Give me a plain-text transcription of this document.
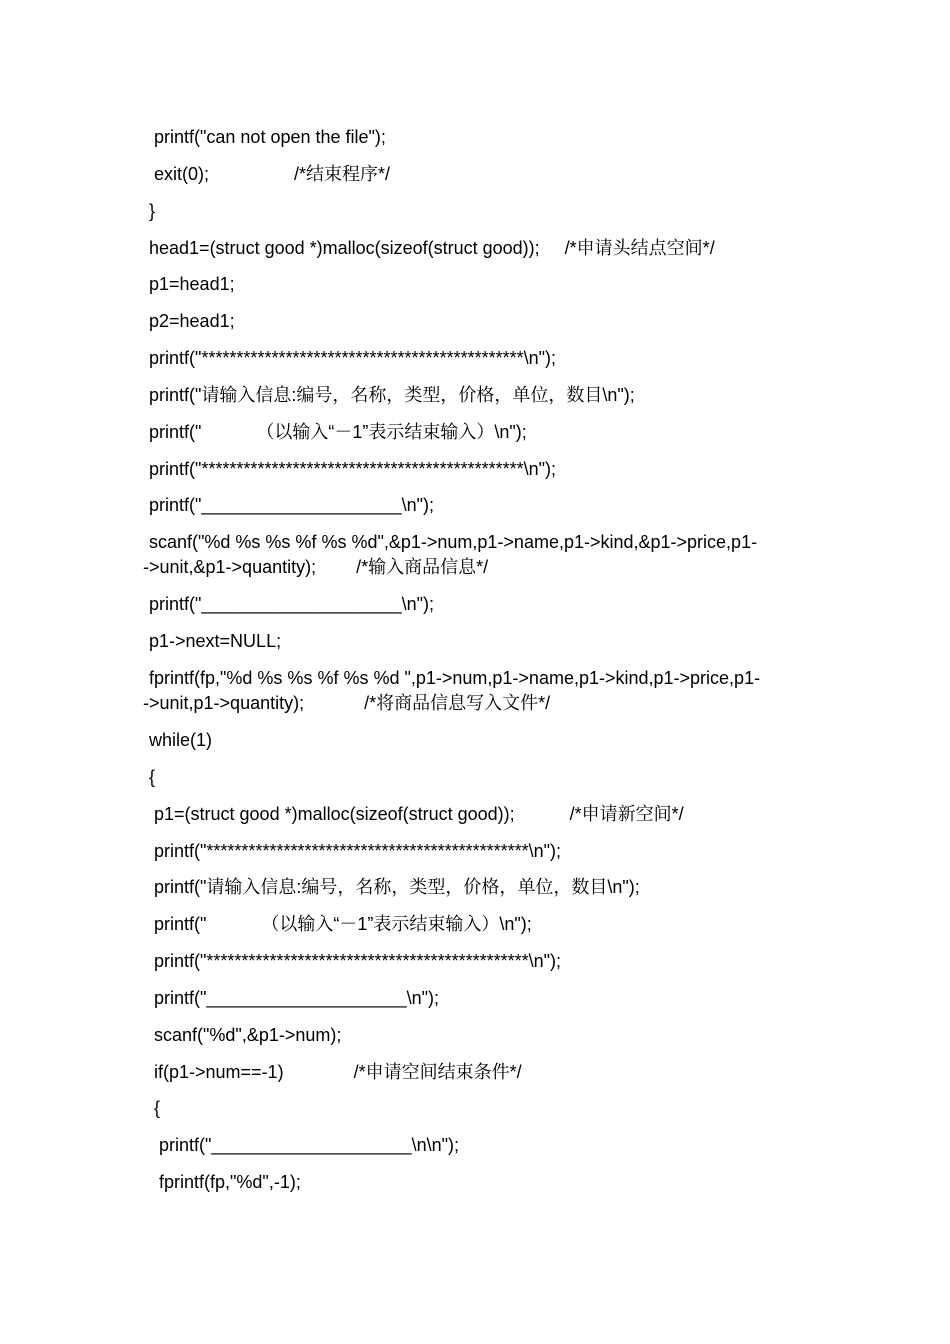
printf("can not open the file");
exit(0);                 /*结束程序*/
}
head1=(struct good *)malloc(sizeof(struct good));     /*申请头结点空间*/
p1=head1;
p2=head1;
printf("**********************************************\n");
printf("请输入信息:编号，名称，类型，价格，单位，数目\n");
printf("           （以输入“－1”表示结束输入）\n");
printf("**********************************************\n");
printf("____________________\n");
scanf("%d %s %s %f %s %d",&p1->num,p1->name,p1->kind,&p1->price,p1-
->unit,&p1->quantity);        /*输入商品信息*/
printf("____________________\n");
p1->next=NULL;
fprintf(fp,"%d %s %s %f %s %d ",p1->num,p1->name,p1->kind,p1->price,p1-
->unit,p1->quantity);            /*将商品信息写入文件*/
while(1)
{
p1=(struct good *)malloc(sizeof(struct good));           /*申请新空间*/
printf("**********************************************\n");
printf("请输入信息:编号，名称，类型，价格，单位，数目\n");
printf("           （以输入“－1”表示结束输入）\n");
printf("**********************************************\n");
printf("____________________\n");
scanf("%d",&p1->num);
if(p1->num==-1)              /*申请空间结束条件*/
{
printf("____________________\n\n");
fprintf(fp,"%d",-1);
